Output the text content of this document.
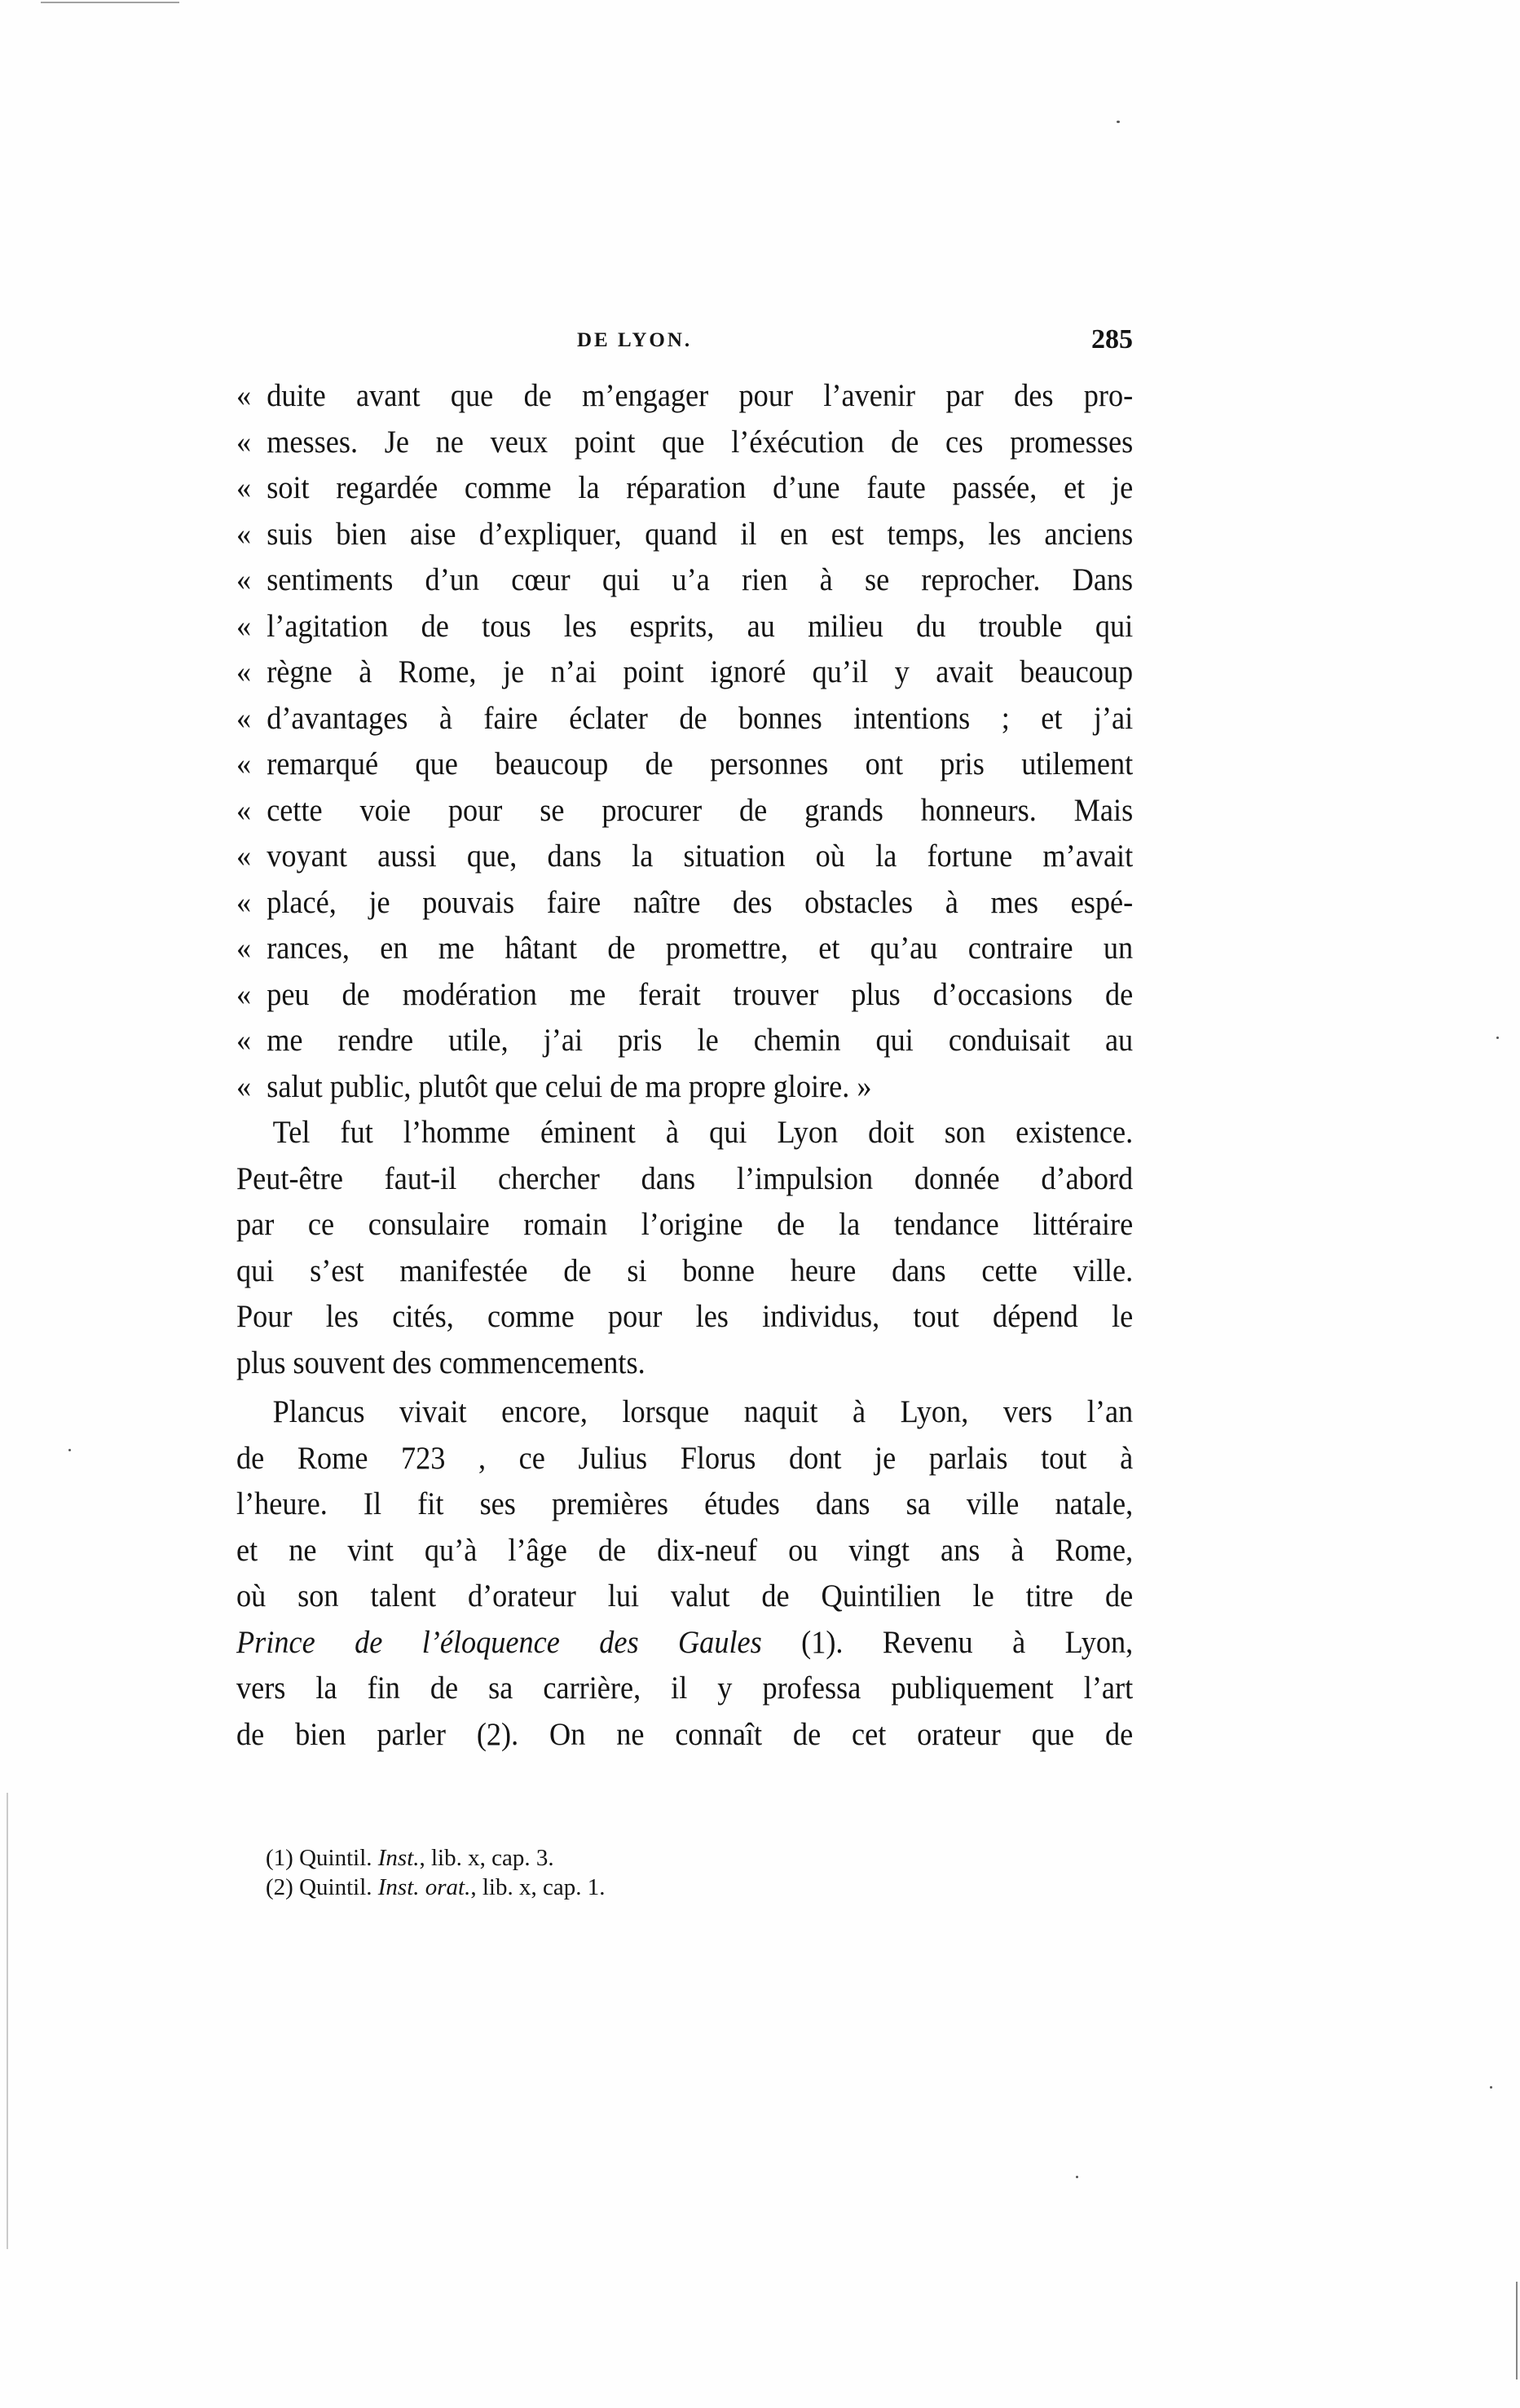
DE LYON.	285
« duite avant que de m’engager pour l’avenir par des pro-
« messes. Je ne veux point que l’éxécution de ces promesses
« soit regardée comme la réparation d’une faute passée, et je
« suis bien aise d’expliquer, quand il en est temps, les anciens
« sentiments d’un cœur qui u’a rien à se reprocher. Dans
« l’agitation de tous les esprits, au milieu du trouble qui
« règne à Rome, je n’ai point ignoré qu’il y avait beaucoup
« d’avantages à faire éclater de bonnes intentions ; et j’ai
« remarqué que beaucoup de personnes ont pris utilement
« cette voie pour se procurer de grands honneurs. Mais
« voyant aussi que, dans la situation où la fortune m’avait
« placé, je pouvais faire naître des obstacles à mes espé-
« rances, en me hâtant de promettre, et qu’au contraire un
« peu de modération me ferait trouver plus d’occasions de
« me rendre utile, j’ai pris le chemin qui conduisait au
« salut public, plutôt que celui de ma propre gloire. »
Tel fut l’homme éminent à qui Lyon doit son existence.
Peut-être faut-il chercher dans l’impulsion donnée d’abord
par ce consulaire romain l’origine de la tendance littéraire
qui s’est manifestée de si bonne heure dans cette ville.
Pour les cités, comme pour les individus, tout dépend le
plus souvent des commencements.
Plancus vivait encore, lorsque naquit à Lyon, vers l’an
de Rome 723 , ce Julius Florus dont je parlais tout à
l’heure. Il fit ses premières études dans sa ville natale,
et ne vint qu’à l’âge de dix-neuf ou vingt ans à Rome,
où son talent d’orateur lui valut de Quintilien le titre de
Prince de l’éloquence des Gaules (1). Revenu à Lyon,
vers la fin de sa carrière, il y professa publiquement l’art
de bien parler (2). On ne connaît de cet orateur que de
(1) Quintil. Inst., lib. x, cap. 3.
(2) Quintil. Inst. orat., lib. x, cap. 1.
